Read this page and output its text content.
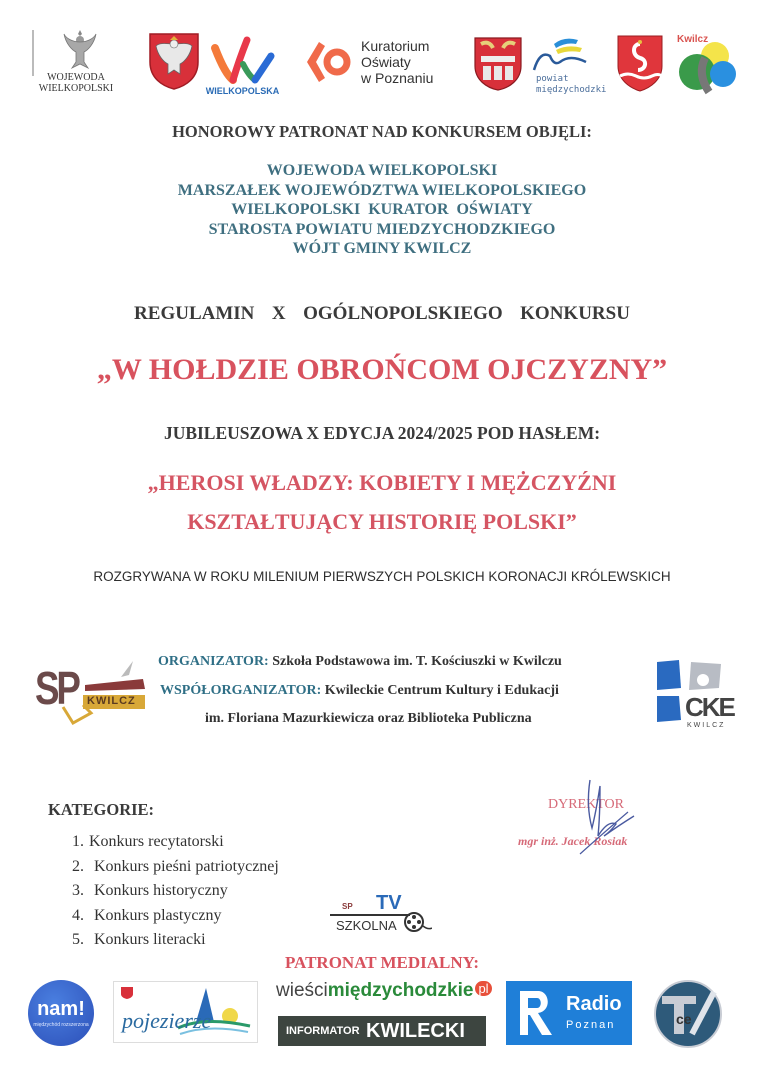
WOJEWODA
WIELKOPOLSKI	WIELKOPOLSKA
Kuratorium
Oświaty
w Poznaniu	powiat
międzychodzki
Kwilcz
HONOROWY PATRONAT NAD KONKURSEM OBJĘLI:
WOJEWODA WIELKOPOLSKI
MARSZAŁEK WOJEWÓDZTWA WIELKOPOLSKIEGO
WIELKOPOLSKI  KURATOR  OŚWIATY
STAROSTA POWIATU MIEDZYCHODZKIEGO
WÓJT GMINY KWILCZ
REGULAMIN  X  OGÓLNOPOLSKIEGO  KONKURSU
„W HOŁDZIE OBROŃCOM OJCZYZNY”
JUBILEUSZOWA X EDYCJA 2024/2025 POD HASŁEM:
„HEROSI WŁADZY: KOBIETY I MĘŻCZYŹNI
KSZTAŁTUJĄCY HISTORIĘ POLSKI”
ROZGRYWANA W ROKU MILENIUM PIERWSZYCH POLSKICH KORONACJI KRÓLEWSKICH
SP KWILCZ
ORGANIZATOR: Szkoła Podstawowa im. T. Kościuszki w Kwilczu
WSPÓŁORGANIZATOR: Kwileckie Centrum Kultury i Edukacji
im. Floriana Mazurkiewicza oraz Biblioteka Publiczna	CKE
KWILCZ
KATEGORIE:
1. Konkurs recytatorski
2. Konkurs pieśni patriotycznej
3. Konkurs historyczny
4. Konkurs plastyczny
5. Konkurs literacki
DYREKTOR
mgr inż. Jacek Rosiak
SP TV
SZKOLNA
PATRONAT MEDIALNY:
nam!
międzychód rozszerzona pojezierze
wieścimiędzychodzkie pl
INFORMATOR KWILECKI
Radio
Poznan	ce
